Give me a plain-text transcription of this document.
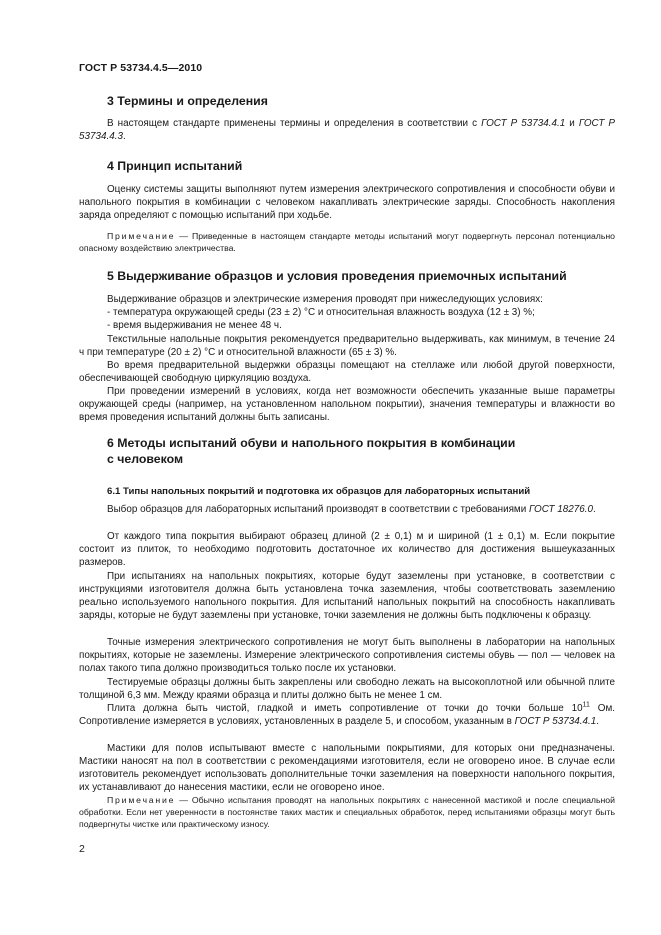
ГОСТ Р 53734.4.5—2010
3 Термины и определения
В настоящем стандарте применены термины и определения в соответствии с ГОСТ Р 53734.4.1 и ГОСТ Р 53734.4.3.
4 Принцип испытаний
Оценку системы защиты выполняют путем измерения электрического сопротивления и способности обуви и напольного покрытия в комбинации с человеком накапливать электрические заряды. Способность накопления заряда определяют с помощью испытаний при ходьбе.
Примечание — Приведенные в настоящем стандарте методы испытаний могут подвергнуть персонал потенциально опасному воздействию электричества.
5 Выдерживание образцов и условия проведения приемочных испытаний
Выдерживание образцов и электрические измерения проводят при нижеследующих условиях:
- температура окружающей среды (23 ± 2) °С и относительная влажность воздуха (12 ± 3) %;
- время выдерживания не менее 48 ч.
Текстильные напольные покрытия рекомендуется предварительно выдерживать, как минимум, в течение 24 ч при температуре (20 ± 2) °С и относительной влажности (65 ± 3) %.
Во время предварительной выдержки образцы помещают на стеллаже или любой другой поверхности, обеспечивающей свободную циркуляцию воздуха.
При проведении измерений в условиях, когда нет возможности обеспечить указанные выше параметры окружающей среды (например, на установленном напольном покрытии), значения температуры и влажности во время проведения испытаний должны быть записаны.
6 Методы испытаний обуви и напольного покрытия в комбинации
с человеком
6.1 Типы напольных покрытий и подготовка их образцов для лабораторных испытаний
Выбор образцов для лабораторных испытаний производят в соответствии с требованиями ГОСТ 18276.0.
От каждого типа покрытия выбирают образец длиной (2 ± 0,1) м и шириной (1 ± 0,1) м. Если покрытие состоит из плиток, то необходимо подготовить достаточное их количество для достижения вышеуказанных размеров.
При испытаниях на напольных покрытиях, которые будут заземлены при установке, в соответствии с инструкциями изготовителя должна быть установлена точка заземления, чтобы соответствовать заземлению реально используемого напольного покрытия. Для испытаний напольных покрытий на способность накапливать заряды, которые не будут заземлены при установке, точки заземления не должны быть подключены к образцу.
Точные измерения электрического сопротивления не могут быть выполнены в лаборатории на напольных покрытиях, которые не заземлены. Измерение электрического сопротивления системы обувь — пол — человек на полах такого типа должно производиться только после их установки.
Тестируемые образцы должны быть закреплены или свободно лежать на высокоплотной или обычной плите толщиной 6,3 мм. Между краями образца и плиты должно быть не менее 1 см.
Плита должна быть чистой, гладкой и иметь сопротивление от точки до точки больше $10^{11}$ Ом. Сопротивление измеряется в условиях, установленных в разделе 5, и способом, указанным в ГОСТ Р 53734.4.1.
Мастики для полов испытывают вместе с напольными покрытиями, для которых они предназначены. Мастики наносят на пол в соответствии с рекомендациями изготовителя, если не оговорено иное. В случае если изготовитель рекомендует использовать дополнительные точки заземления на поверхности напольного покрытия, их устанавливают до нанесения мастики, если не оговорено иное.
Примечание — Обычно испытания проводят на напольных покрытиях с нанесенной мастикой и после специальной обработки. Если нет уверенности в постоянстве таких мастик и специальных обработок, перед испытаниями образцы могут быть подвергнуты чистке или практическому износу.
2
